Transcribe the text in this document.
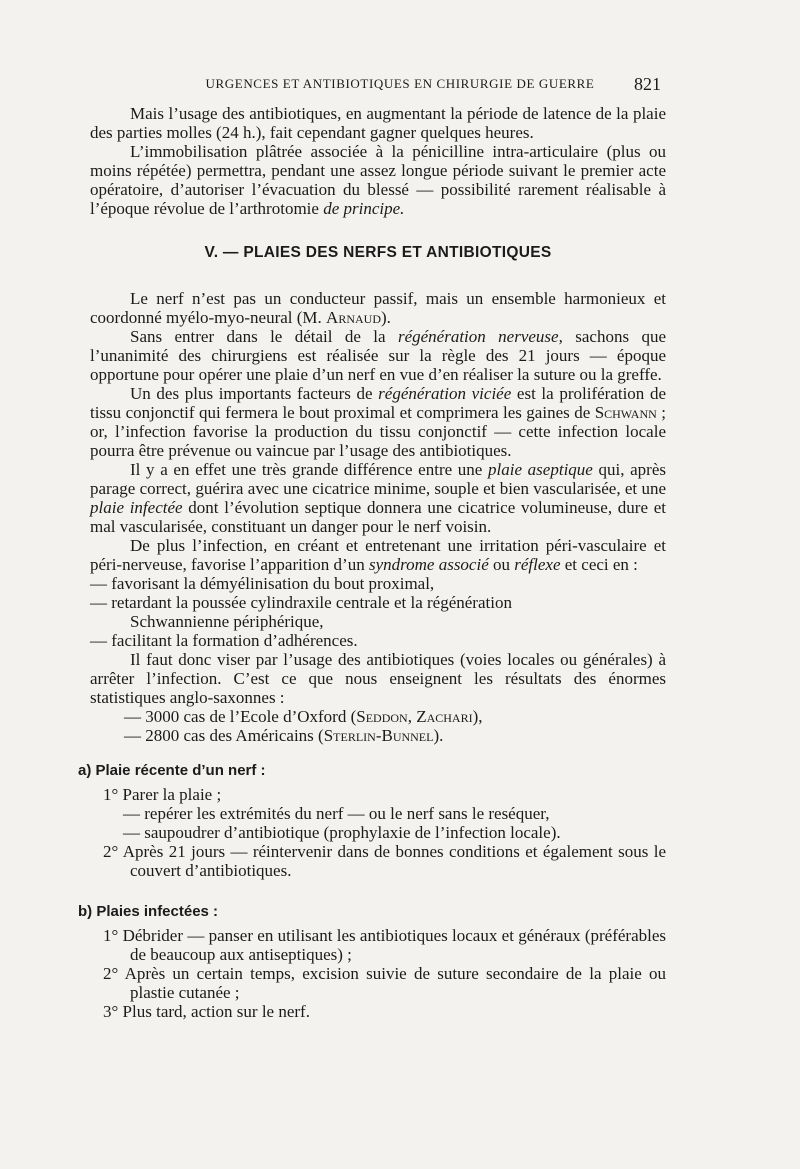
URGENCES ET ANTIBIOTIQUES EN CHIRURGIE DE GUERRE	821

Mais l’usage des antibiotiques, en augmentant la période de latence de la plaie des parties molles (24 h.), fait cependant gagner quelques heures.

L’immobilisation plâtrée associée à la pénicilline intra-articulaire (plus ou moins répétée) permettra, pendant une assez longue période suivant le premier acte opératoire, d’autoriser l’évacuation du blessé — possibilité rarement réalisable à l’époque révolue de l’arthrotomie de principe.

V. — PLAIES DES NERFS ET ANTIBIOTIQUES

Le nerf n’est pas un conducteur passif, mais un ensemble harmonieux et coordonné myélo-myo-neural (M. Arnaud).

Sans entrer dans le détail de la régénération nerveuse, sachons que l’unanimité des chirurgiens est réalisée sur la règle des 21 jours — époque opportune pour opérer une plaie d’un nerf en vue d’en réaliser la suture ou la greffe.

Un des plus importants facteurs de régénération viciée est la prolifération de tissu conjonctif qui fermera le bout proximal et comprimera les gaines de Schwann ; or, l’infection favorise la production du tissu conjonctif — cette infection locale pourra être prévenue ou vaincue par l’usage des antibiotiques.

Il y a en effet une très grande différence entre une plaie aseptique qui, après parage correct, guérira avec une cicatrice minime, souple et bien vascularisée, et une plaie infectée dont l’évolution septique donnera une cicatrice volumineuse, dure et mal vascularisée, constituant un danger pour le nerf voisin.

De plus l’infection, en créant et entretenant une irritation péri-vasculaire et péri-nerveuse, favorise l’apparition d’un syndrome associé ou réflexe et ceci en :

— favorisant la démyélinisation du bout proximal,

— retardant la poussée cylindraxile centrale et la régénération

Schwannienne périphérique,

— facilitant la formation d’adhérences.

Il faut donc viser par l’usage des antibiotiques (voies locales ou générales) à arrêter l’infection. C’est ce que nous enseignent les résultats des énormes statistiques anglo-saxonnes :

— 3000 cas de l’Ecole d’Oxford (Seddon, Zachari),

— 2800 cas des Américains (Sterlin-Bunnel).

a) Plaie récente d’un nerf :

1° Parer la plaie ;

— repérer les extrémités du nerf — ou le nerf sans le reséquer,

— saupoudrer d’antibiotique (prophylaxie de l’infection locale).

2° Après 21 jours — réintervenir dans de bonnes conditions et également sous le couvert d’antibiotiques.

b) Plaies infectées :

1° Débrider — panser en utilisant les antibiotiques locaux et généraux (préférables de beaucoup aux antiseptiques) ;

2° Après un certain temps, excision suivie de suture secondaire de la plaie ou plastie cutanée ;

3° Plus tard, action sur le nerf.
